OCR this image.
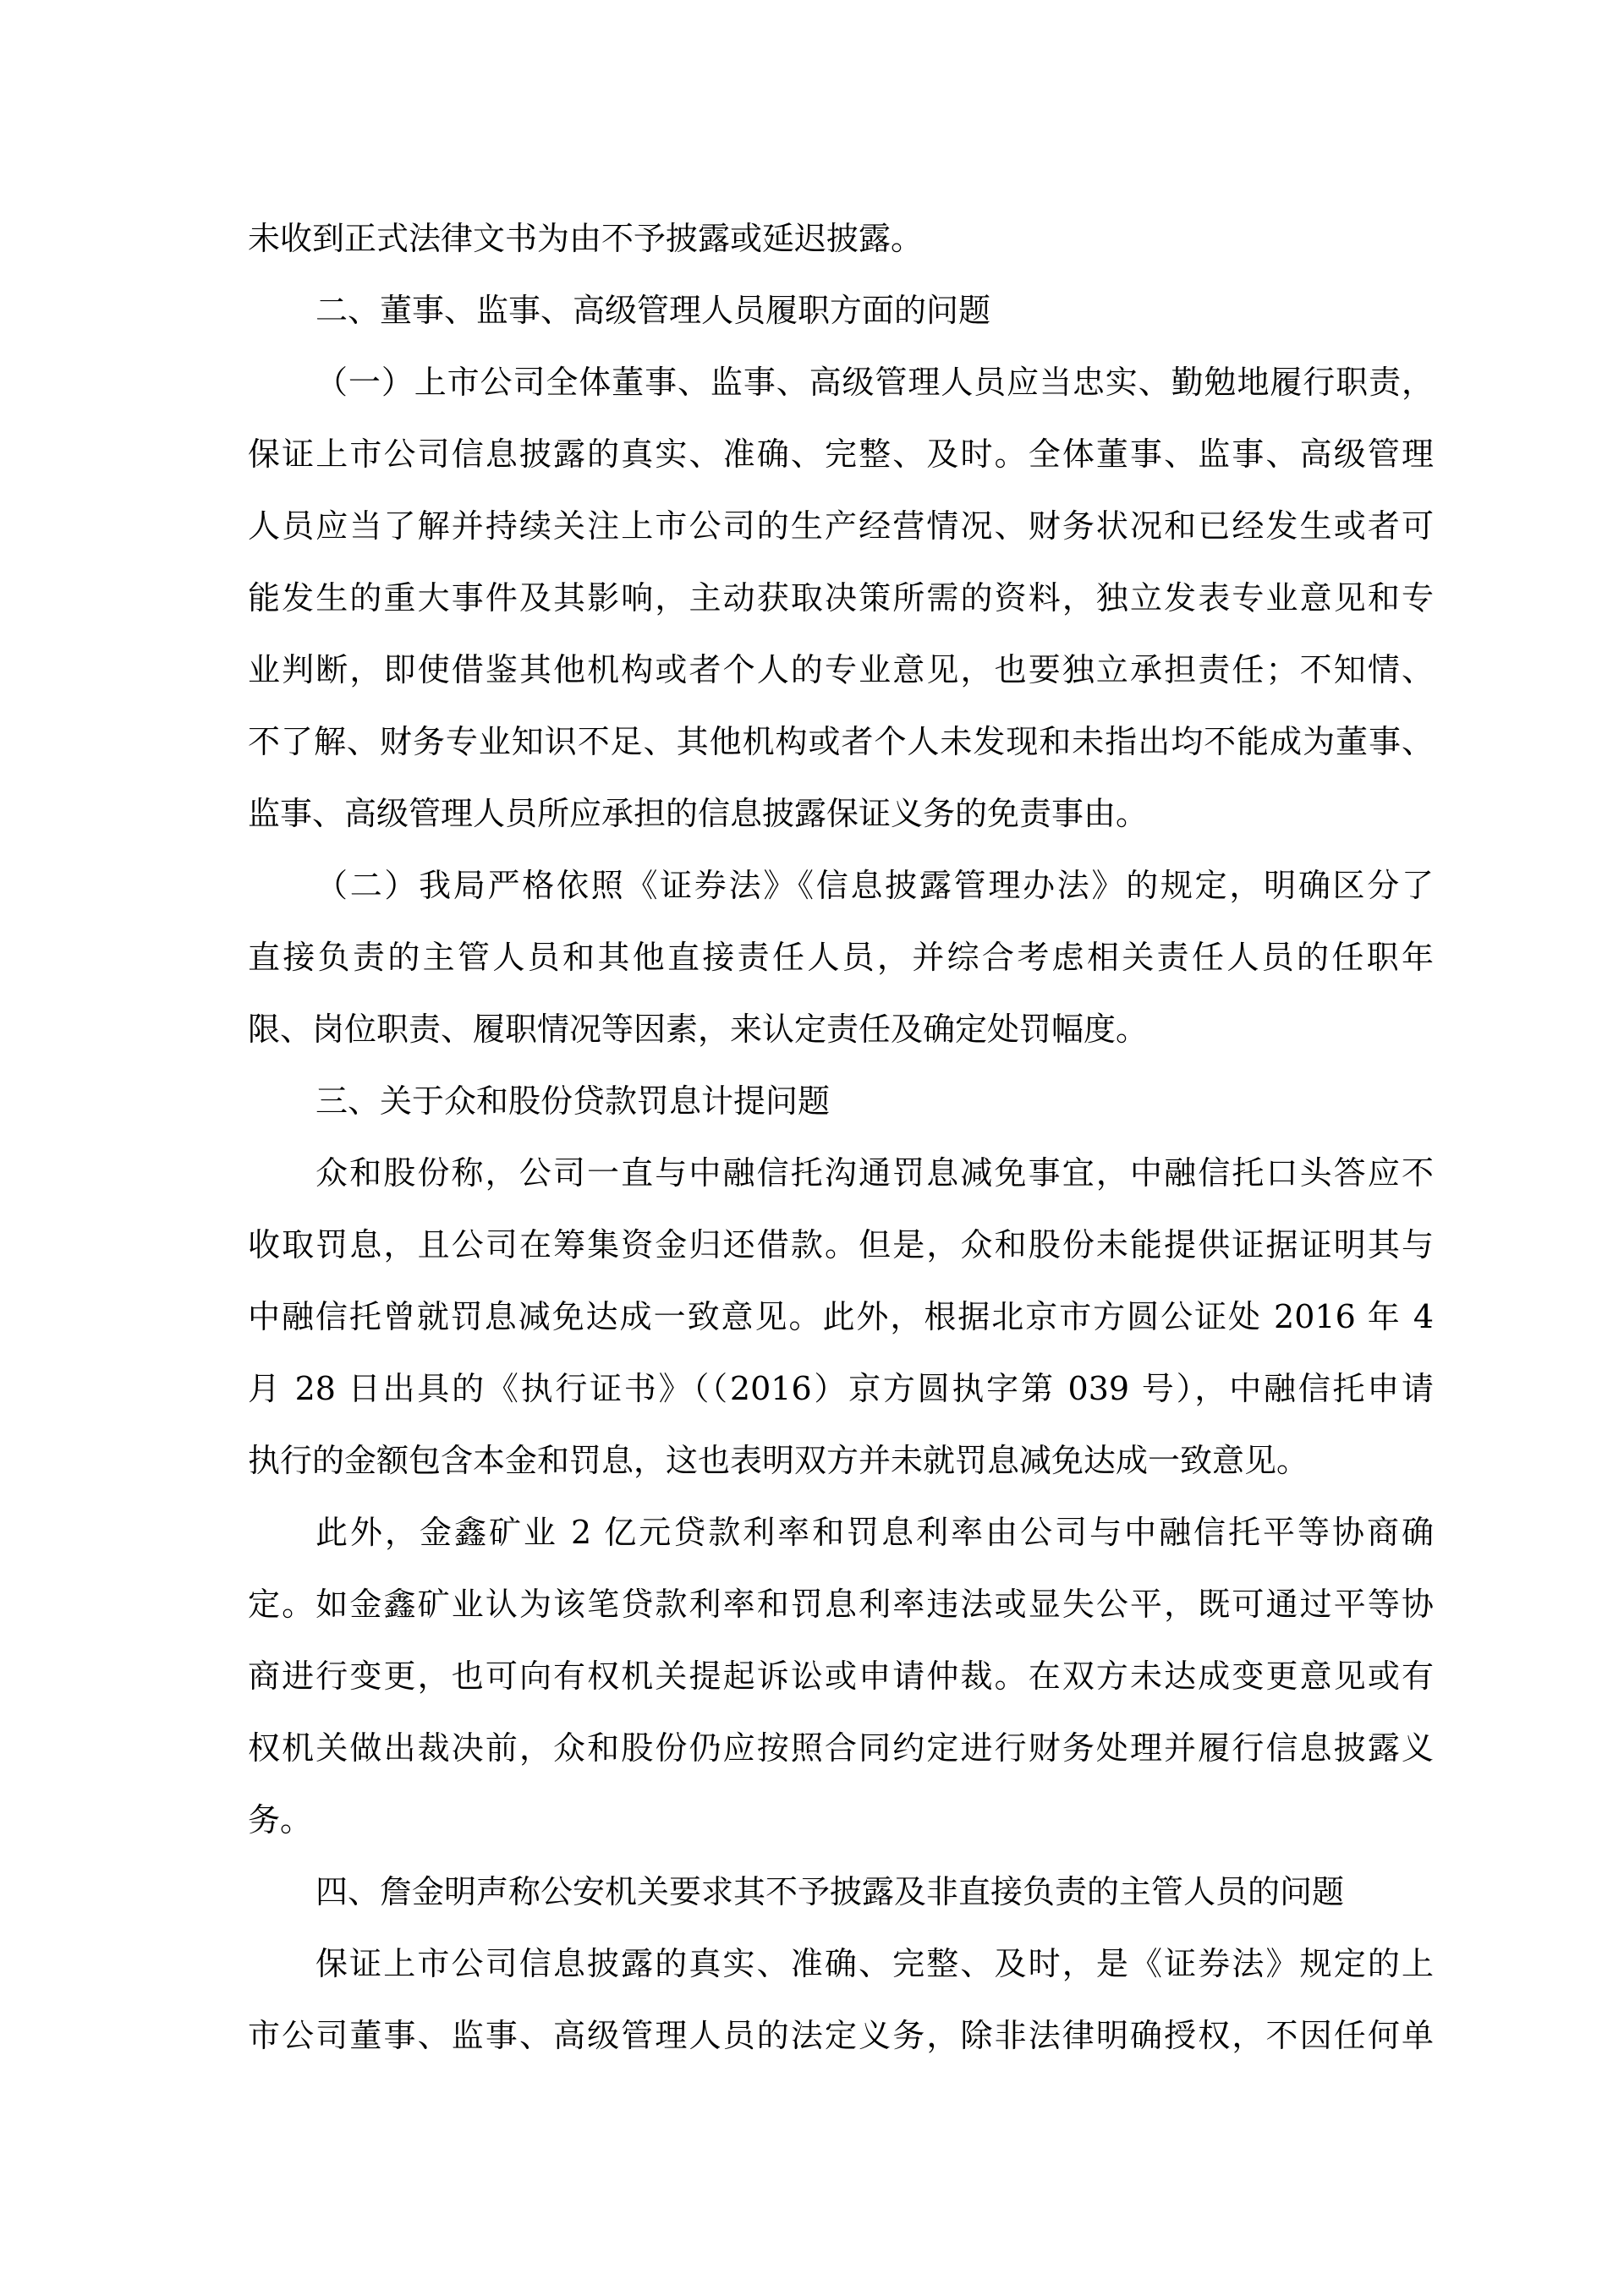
未收到正式法律文书为由不予披露或延迟披露。
二、董事、监事、高级管理人员履职方面的问题
（一）上市公司全体董事、监事、高级管理人员应当忠实、勤勉地履行职责，
保证上市公司信息披露的真实、准确、完整、及时。全体董事、监事、高级管理
人员应当了解并持续关注上市公司的生产经营情况、财务状况和已经发生或者可
能发生的重大事件及其影响，主动获取决策所需的资料，独立发表专业意见和专
业判断，即使借鉴其他机构或者个人的专业意见，也要独立承担责任；不知情、
不了解、财务专业知识不足、其他机构或者个人未发现和未指出均不能成为董事、
监事、高级管理人员所应承担的信息披露保证义务的免责事由。
（二）我局严格依照《证券法》《信息披露管理办法》的规定，明确区分了
直接负责的主管人员和其他直接责任人员，并综合考虑相关责任人员的任职年
限、岗位职责、履职情况等因素，来认定责任及确定处罚幅度。
三、关于众和股份贷款罚息计提问题
众和股份称，公司一直与中融信托沟通罚息减免事宜，中融信托口头答应不
收取罚息，且公司在筹集资金归还借款。但是，众和股份未能提供证据证明其与
中融信托曾就罚息减免达成一致意见。此外，根据北京市方圆公证处 2016 年 4
月 28 日出具的《执行证书》（（2016）京方圆执字第 039 号），中融信托申请
执行的金额包含本金和罚息，这也表明双方并未就罚息减免达成一致意见。
此外，金鑫矿业 2 亿元贷款利率和罚息利率由公司与中融信托平等协商确
定。如金鑫矿业认为该笔贷款利率和罚息利率违法或显失公平，既可通过平等协
商进行变更，也可向有权机关提起诉讼或申请仲裁。在双方未达成变更意见或有
权机关做出裁决前，众和股份仍应按照合同约定进行财务处理并履行信息披露义
务。
四、詹金明声称公安机关要求其不予披露及非直接负责的主管人员的问题
保证上市公司信息披露的真实、准确、完整、及时，是《证券法》规定的上
市公司董事、监事、高级管理人员的法定义务，除非法律明确授权，不因任何单
